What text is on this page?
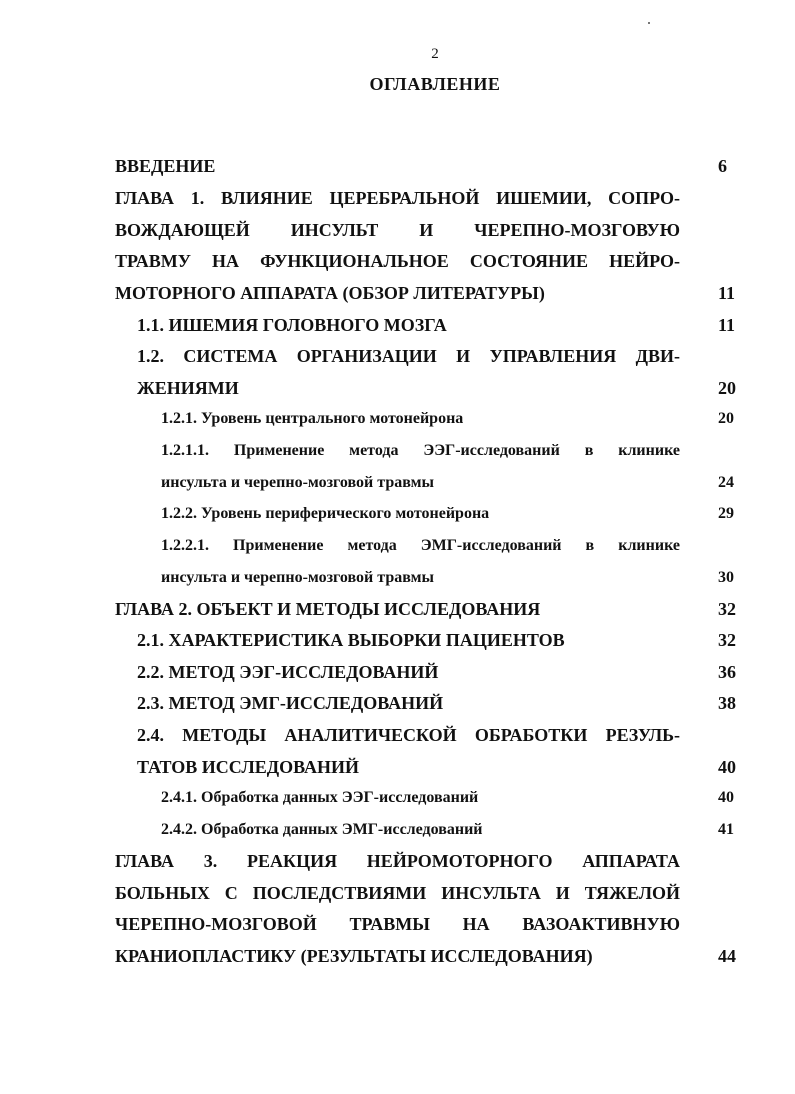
2
ОГЛАВЛЕНИЕ
ВВЕДЕНИЕ	6
ГЛАВА 1. ВЛИЯНИЕ ЦЕРЕБРАЛЬНОЙ ИШЕМИИ, СОПРО-
ВОЖДАЮЩЕЙ ИНСУЛЬТ И ЧЕРЕПНО-МОЗГОВУЮ
ТРАВМУ НА ФУНКЦИОНАЛЬНОЕ СОСТОЯНИЕ НЕЙРО-
МОТОРНОГО АППАРАТА (ОБЗОР ЛИТЕРАТУРЫ)	11
1.1. ИШЕМИЯ ГОЛОВНОГО МОЗГА	11
1.2. СИСТЕМА ОРГАНИЗАЦИИ И УПРАВЛЕНИЯ ДВИ-
ЖЕНИЯМИ	20
1.2.1. Уровень центрального мотонейрона	20
1.2.1.1. Применение метода ЭЭГ-исследований в клинике
инсульта и черепно-мозговой травмы	24
1.2.2. Уровень периферического мотонейрона	29
1.2.2.1. Применение метода ЭМГ-исследований в клинике
инсульта и черепно-мозговой травмы	30
ГЛАВА 2. ОБЪЕКТ И МЕТОДЫ ИССЛЕДОВАНИЯ	32
2.1. ХАРАКТЕРИСТИКА ВЫБОРКИ ПАЦИЕНТОВ	32
2.2. МЕТОД ЭЭГ-ИССЛЕДОВАНИЙ	36
2.3. МЕТОД ЭМГ-ИССЛЕДОВАНИЙ	38
2.4. МЕТОДЫ АНАЛИТИЧЕСКОЙ ОБРАБОТКИ РЕЗУЛЬ-
ТАТОВ ИССЛЕДОВАНИЙ	40
2.4.1. Обработка данных ЭЭГ-исследований	40
2.4.2. Обработка данных ЭМГ-исследований	41
ГЛАВА 3. РЕАКЦИЯ НЕЙРОМОТОРНОГО АППАРАТА
БОЛЬНЫХ С ПОСЛЕДСТВИЯМИ ИНСУЛЬТА И ТЯЖЕЛОЙ
ЧЕРЕПНО-МОЗГОВОЙ ТРАВМЫ НА ВАЗОАКТИВНУЮ
КРАНИОПЛАСТИКУ (РЕЗУЛЬТАТЫ ИССЛЕДОВАНИЯ)	44
